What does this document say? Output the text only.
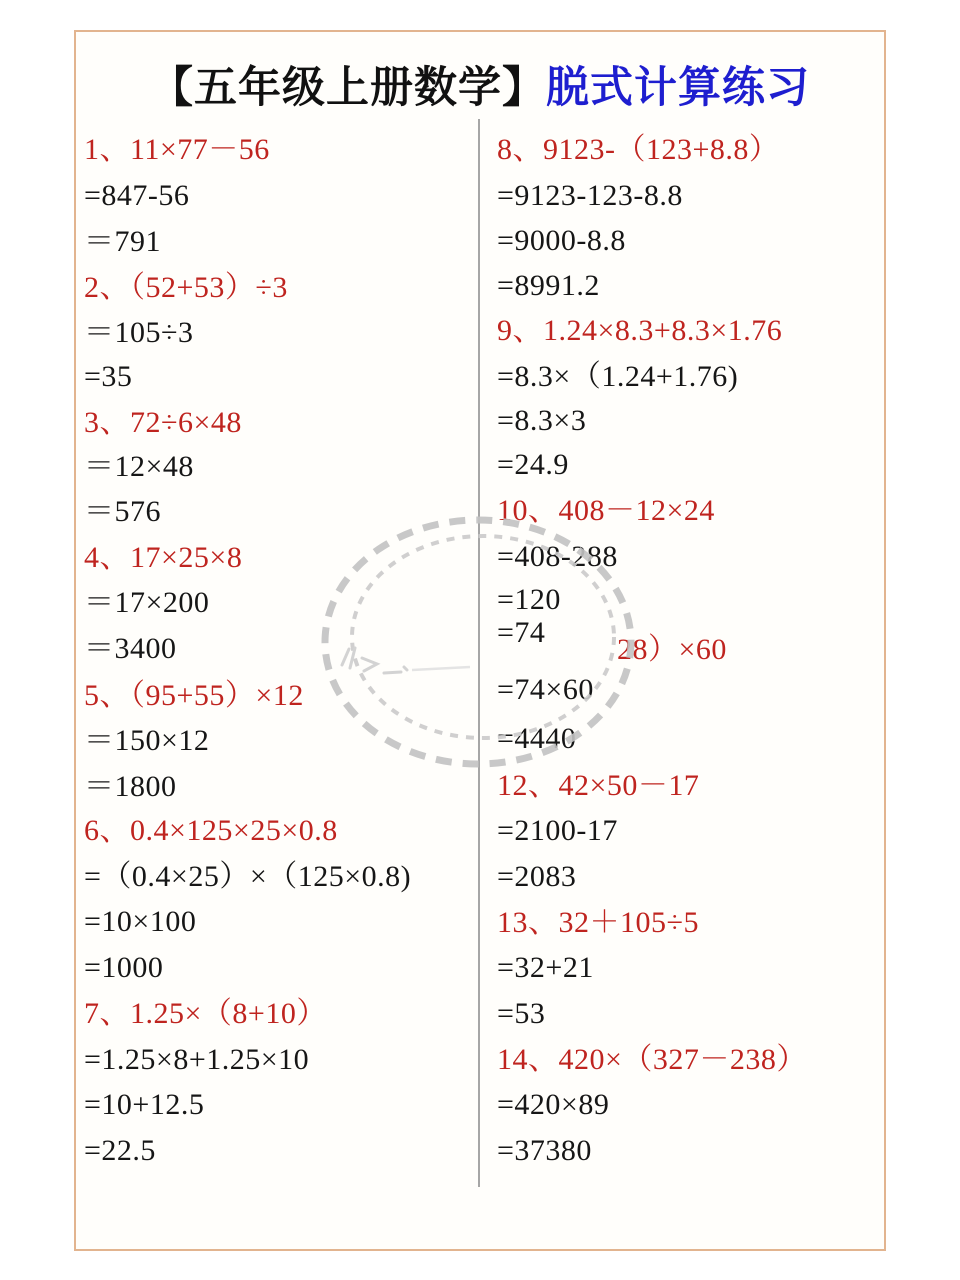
【五年级上册数学】脱式计算练习
1、11×77－56
=847-56
＝791
2、（52+53）÷3
＝105÷3
=35
3、72÷6×48
＝12×48
＝576
4、17×25×8
＝17×200
＝3400
5、（95+55）×12
＝150×12
＝1800
6、0.4×125×25×0.8
=（0.4×25）×（125×0.8)
=10×100
=1000
7、1.25×（8+10）
=1.25×8+1.25×10
=10+12.5
=22.5
8、9123-（123+8.8）
=9123-123-8.8
=9000-8.8
=8991.2
9、1.24×8.3+8.3×1.76
=8.3×（1.24+1.76)
=8.3×3
=24.9
10、408－12×24
=408-288
=120
=74
28）×60
=74×60
=4440
12、42×50－17
=2100-17
=2083
13、32＋105÷5
=32+21
=53
14、420×（327－238）
=420×89
=37380
